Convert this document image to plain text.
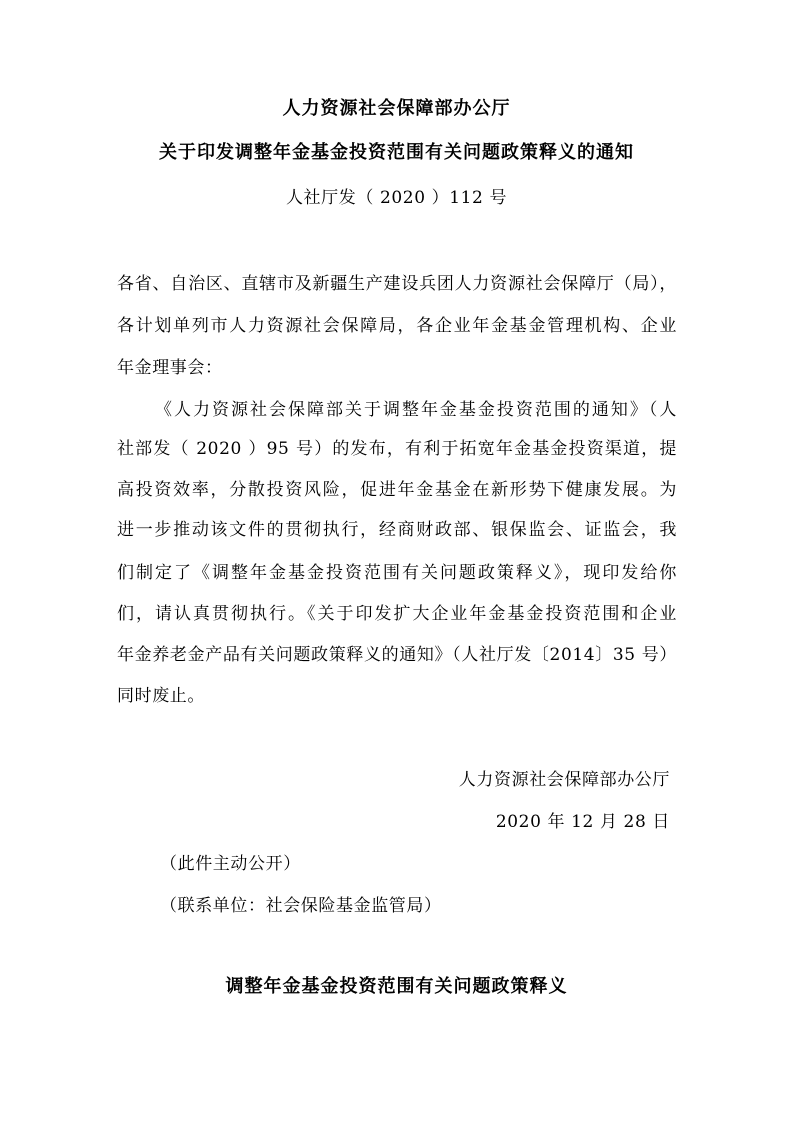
人力资源社会保障部办公厅
关于印发调整年金基金投资范围有关问题政策释义的通知
人社厅发（ 2020 ）112 号
各省、自治区、直辖市及新疆生产建设兵团人力资源社会保障厅（局），
各计划单列市人力资源社会保障局，各企业年金基金管理机构、企业
年金理事会：
《人力资源社会保障部关于调整年金基金投资范围的通知》（人
社部发（ 2020 ）95 号）的发布，有利于拓宽年金基金投资渠道，提
高投资效率，分散投资风险，促进年金基金在新形势下健康发展。为
进一步推动该文件的贯彻执行，经商财政部、银保监会、证监会，我
们制定了《调整年金基金投资范围有关问题政策释义》，现印发给你
们，请认真贯彻执行。《关于印发扩大企业年金基金投资范围和企业
年金养老金产品有关问题政策释义的通知》（人社厅发〔2014〕35 号）
同时废止。
人力资源社会保障部办公厅
2020 年 12 月 28 日
（此件主动公开）
（联系单位：社会保险基金监管局）
调整年金基金投资范围有关问题政策释义
